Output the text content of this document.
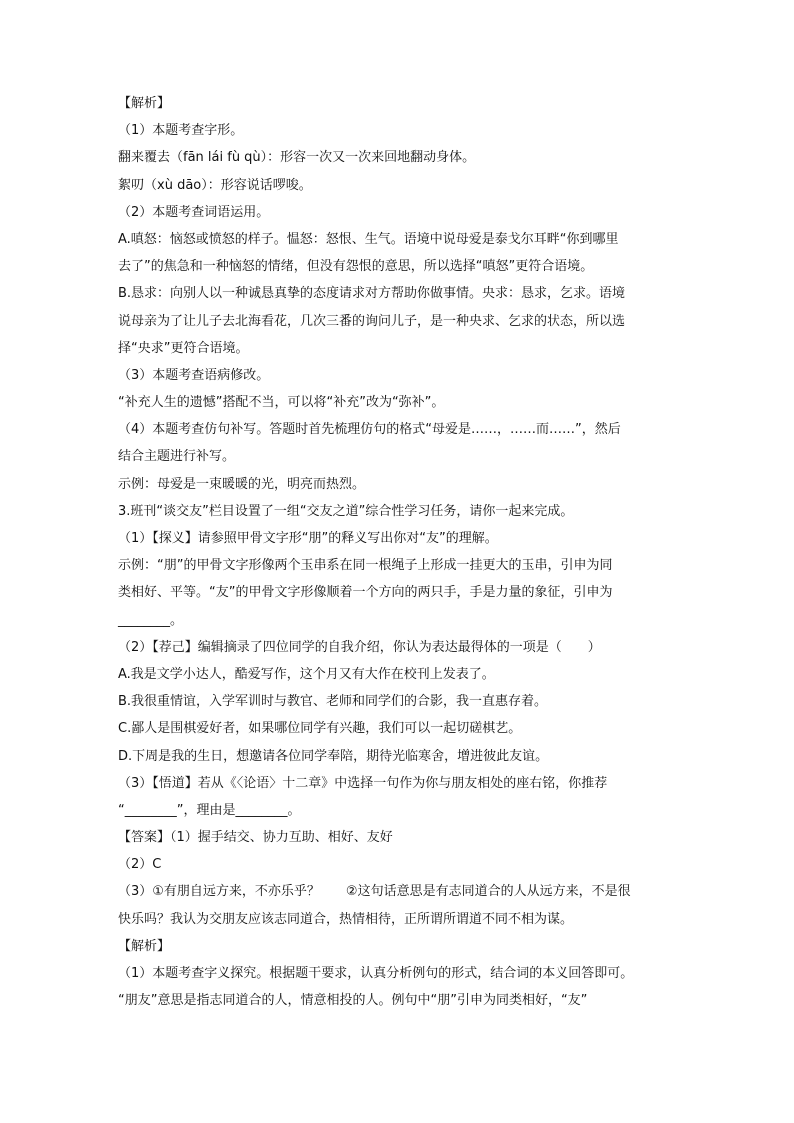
【解析】
（1）本题考查字形。
翻来覆去（fān lái fù qù）：形容一次又一次来回地翻动身体。
絮叨（xù dāo）：形容说话啰唆。
（2）本题考查词语运用。
A.嗔怒：恼怒或愤怒的样子。愠怒：怒恨、生气。语境中说母爱是泰戈尔耳畔“你到哪里
去了”的焦急和一种恼怒的情绪，但没有怨恨的意思，所以选择“嗔怒”更符合语境。
B.恳求：向别人以一种诚恳真挚的态度请求对方帮助你做事情。央求：恳求，乞求。语境
说母亲为了让儿子去北海看花，几次三番的询问儿子，是一种央求、乞求的状态，所以选
择“央求”更符合语境。
（3）本题考查语病修改。
“补充人生的遗憾”搭配不当，可以将“补充”改为“弥补”。
（4）本题考查仿句补写。答题时首先梳理仿句的格式“母爱是……，……而……”，然后
结合主题进行补写。
示例：母爱是一束暖暖的光，明亮而热烈。
3.班刊“谈交友”栏目设置了一组“交友之道”综合性学习任务，请你一起来完成。
（1）【探义】请参照甲骨文字形“朋”的释义写出你对“友”的理解。
示例：“朋”的甲骨文字形像两个玉串系在同一根绳子上形成一挂更大的玉串，引申为同
类相好、平等。“友”的甲骨文字形像顺着一个方向的两只手，手是力量的象征，引申为
________。
（2）【荐己】编辑摘录了四位同学的自我介绍，你认为表达最得体的一项是（　　）
A.我是文学小达人，酷爱写作，这个月又有大作在校刊上发表了。
B.我很重情谊，入学军训时与教官、老师和同学们的合影，我一直惠存着。
C.鄙人是围棋爱好者，如果哪位同学有兴趣，我们可以一起切磋棋艺。
D.下周是我的生日，想邀请各位同学奉陪，期待光临寒舍，增进彼此友谊。
（3）【悟道】若从《〈论语〉十二章》中选择一句作为你与朋友相处的座右铭，你推荐
“________”，理由是________。
【答案】（1）握手结交、协力互助、相好、友好
（2）C
（3）①有朋自远方来，不亦乐乎？　　②这句话意思是有志同道合的人从远方来，不是很
快乐吗？我认为交朋友应该志同道合，热情相待，正所谓所谓道不同不相为谋。
【解析】
（1）本题考查字义探究。根据题干要求，认真分析例句的形式，结合词的本义回答即可。
“朋友”意思是指志同道合的人，情意相投的人。例句中“朋”引申为同类相好，“友”
